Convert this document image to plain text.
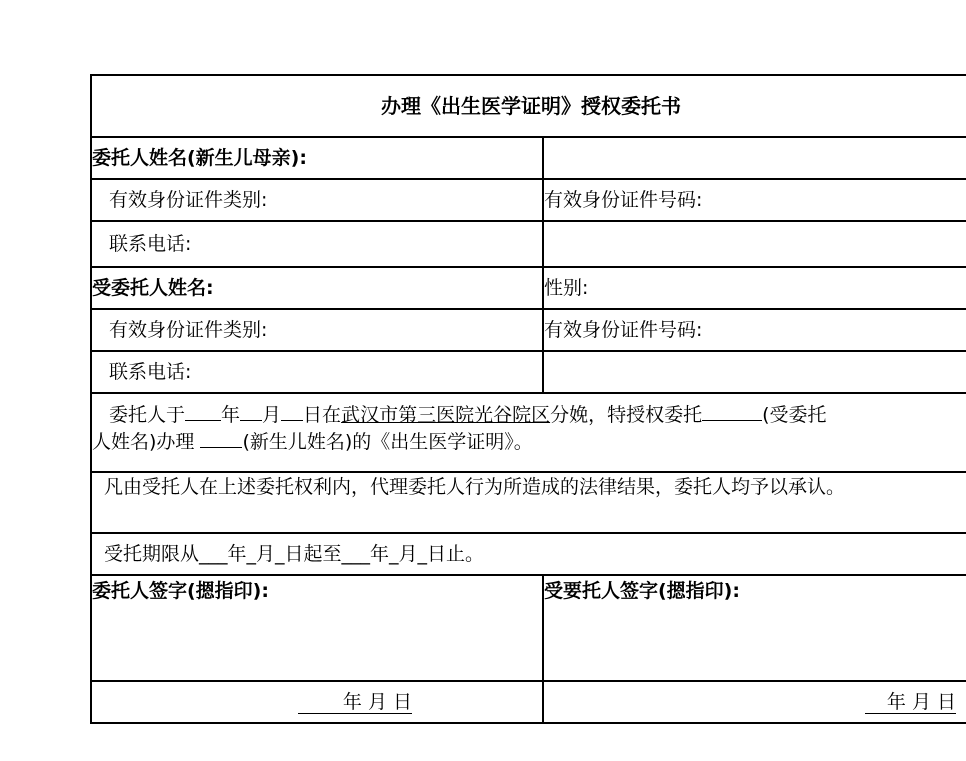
办理《出生医学证明》授权委托书
委托人姓名(新生儿母亲):
有效身份证件类别:	有效身份证件号码:
联系电话:
受委托人姓名:	性别:
有效身份证件类别:	有效身份证件号码:
联系电话:
委托人于 年 月 日在武汉市第三医院光谷院区分娩，特授权委托	(受委托
人姓名)办理	(新生儿姓名)的《出生医学证明》。
凡由受托人在上述委托权利内，代理委托人行为所造成的法律结果，委托人均予以承认。
受托期限从___年_月_日起至___年_月_日止。
委托人签字(摁指印):	受要托人签字(摁指印):
年 月 日	年 月 日
